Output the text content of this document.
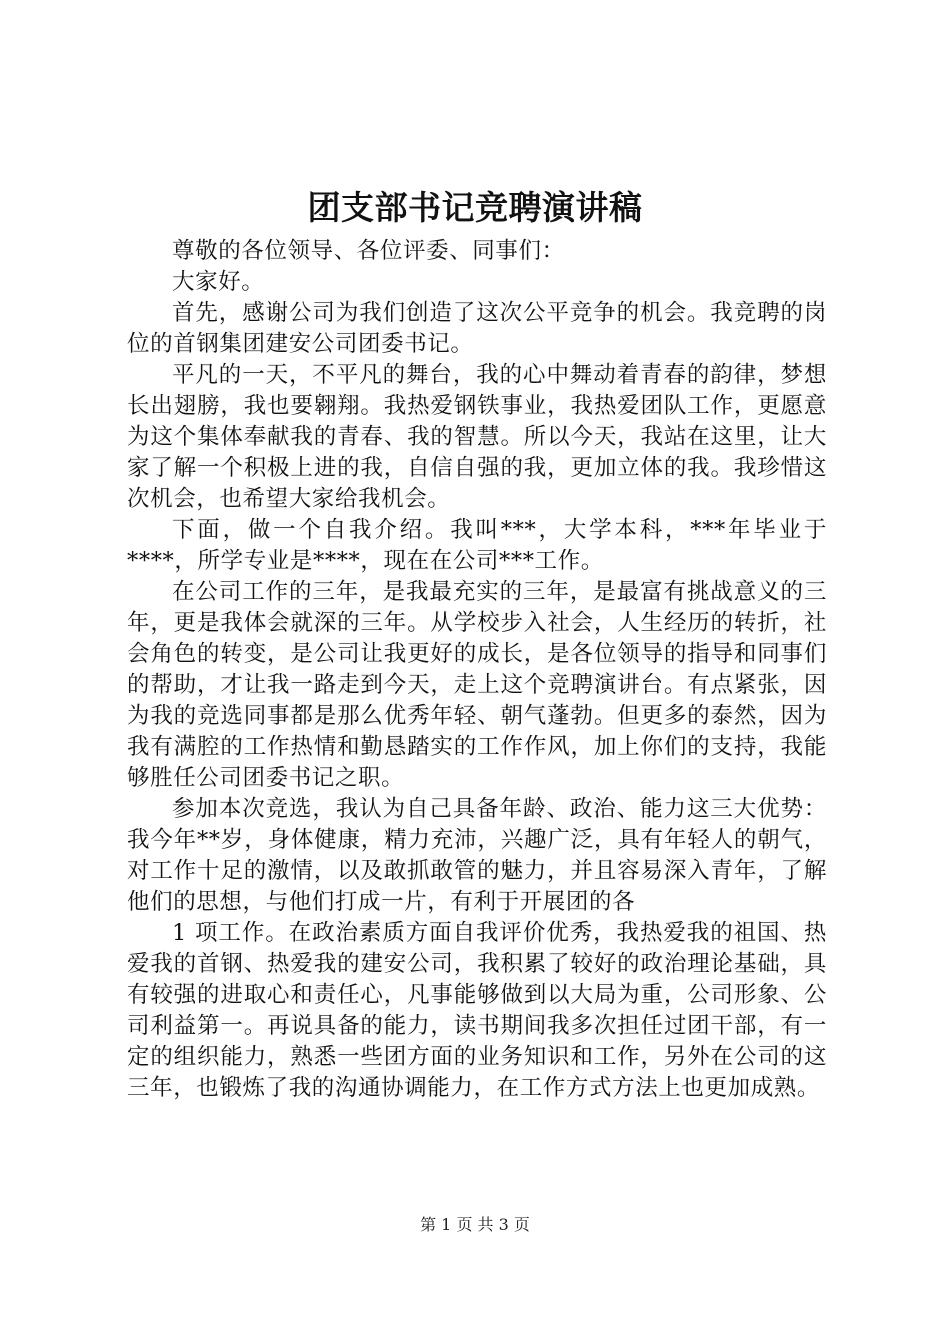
团支部书记竞聘演讲稿

尊敬的各位领导、各位评委、同事们：

大家好。

首先，感谢公司为我们创造了这次公平竞争的机会。我竞聘的岗位的首钢集团建安公司团委书记。

平凡的一天，不平凡的舞台，我的心中舞动着青春的韵律，梦想长出翅膀，我也要翱翔。我热爱钢铁事业，我热爱团队工作，更愿意为这个集体奉献我的青春、我的智慧。所以今天，我站在这里，让大家了解一个积极上进的我，自信自强的我，更加立体的我。我珍惜这次机会，也希望大家给我机会。

下面，做一个自我介绍。我叫***，大学本科，***年毕业于****，所学专业是****，现在在公司***工作。

在公司工作的三年，是我最充实的三年，是最富有挑战意义的三年，更是我体会就深的三年。从学校步入社会，人生经历的转折，社会角色的转变，是公司让我更好的成长，是各位领导的指导和同事们的帮助，才让我一路走到今天，走上这个竞聘演讲台。有点紧张，因为我的竞选同事都是那么优秀年轻、朝气蓬勃。但更多的泰然，因为我有满腔的工作热情和勤恳踏实的工作作风，加上你们的支持，我能够胜任公司团委书记之职。

参加本次竞选，我认为自己具备年龄、政治、能力这三大优势：我今年**岁，身体健康，精力充沛，兴趣广泛，具有年轻人的朝气，对工作十足的激情，以及敢抓敢管的魅力，并且容易深入青年，了解他们的思想，与他们打成一片，有利于开展团的各

1 项工作。在政治素质方面自我评价优秀，我热爱我的祖国、热爱我的首钢、热爱我的建安公司，我积累了较好的政治理论基础，具有较强的进取心和责任心，凡事能够做到以大局为重，公司形象、公司利益第一。再说具备的能力，读书期间我多次担任过团干部，有一定的组织能力，熟悉一些团方面的业务知识和工作，另外在公司的这三年，也锻炼了我的沟通协调能力，在工作方式方法上也更加成熟。

第 1 页 共 3 页
